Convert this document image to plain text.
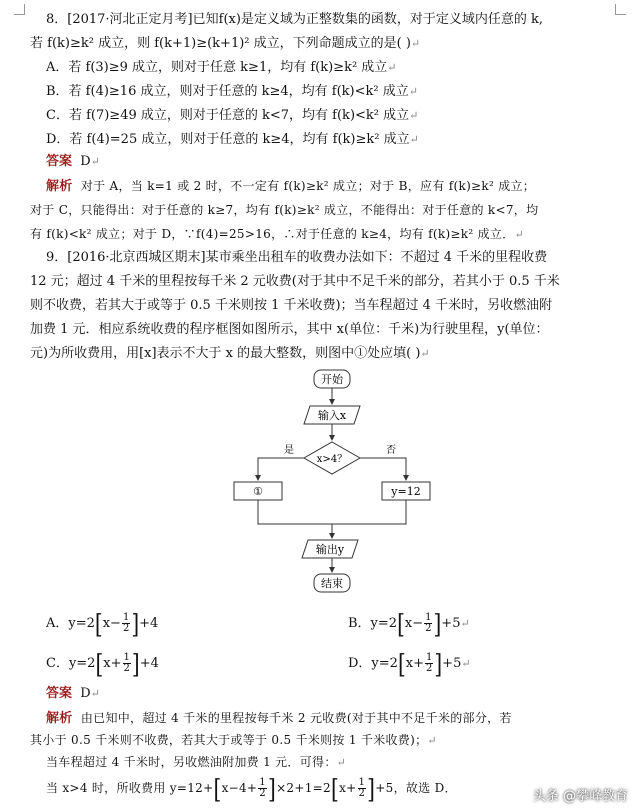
8．[2017·河北正定月考]已知f(x)是定义域为正整数集的函数，对于定义域内任意的 k,
若 f(k)≥k² 成立，则 f(k+1)≥(k+1)² 成立，下列命题成立的是( )↵
A．若 f(3)≥9 成立，则对于任意 k≥1，均有 f(k)≥k² 成立↵
B．若 f(4)≥16 成立，则对于任意的 k≥4，均有 f(k)<k² 成立↵
C．若 f(7)≥49 成立，则对于任意的 k<7，均有 f(k)<k² 成立↵
D．若 f(4)=25 成立，则对于任意的 k≥4，均有 f(k)≥k² 成立↵
答案 D↵
解析 对于 A，当 k=1 或 2 时，不一定有 f(k)≥k² 成立；对于 B，应有 f(k)≥k² 成立；
对于 C，只能得出：对于任意的 k≥7，均有 f(k)≥k² 成立，不能得出：对于任意的 k<7，均
有 f(k)<k² 成立；对于 D，∵f(4)=25>16，∴对于任意的 k≥4，均有 f(k)≥k² 成立．↵
9．[2016·北京西城区期末]某市乘坐出租车的收费办法如下：不超过 4 千米的里程收费
12 元；超过 4 千米的里程按每千米 2 元收费(对于其中不足千米的部分，若其小于 0.5 千米
则不收费，若其大于或等于 0.5 千米则按 1 千米收费)；当车程超过 4 千米时，另收燃油附
加费 1 元．相应系统收费的程序框图如图所示，其中 x(单位：千米)为行驶里程，y(单位：
元)为所收费用，用[x]表示不大于 x 的最大整数，则图中①处应填( )↵
开始
输入x
x>4？
是	否
①	y=12
输出y
结束
A．$y=2[x- \frac{1}{2} ]+4$	B．$y=2[x- \frac{1}{2}$ ]+5↵
C．$y=2[x+ \frac{1}{2} ]+4$	D．$y=2[x+ \frac{1}{2}$ ]+5↵
答案 D↵
解析 由已知中，超过 4 千米的里程按每千米 2 元收费(对于其中不足千米的部分，若
其小于 0.5 千米则不收费，若其大于或等于 0.5 千米则按 1 千米收费)；↵
当车程超过 4 千米时，另收燃油附加费 1 元．可得：↵
当 x>4 时，所收费用 $y=12+[x-4+ \frac{1}{2} ]\times 2+1=2[x+ \frac{1}{2} ]+5$，故选 D．
头条 @攀峰教育
